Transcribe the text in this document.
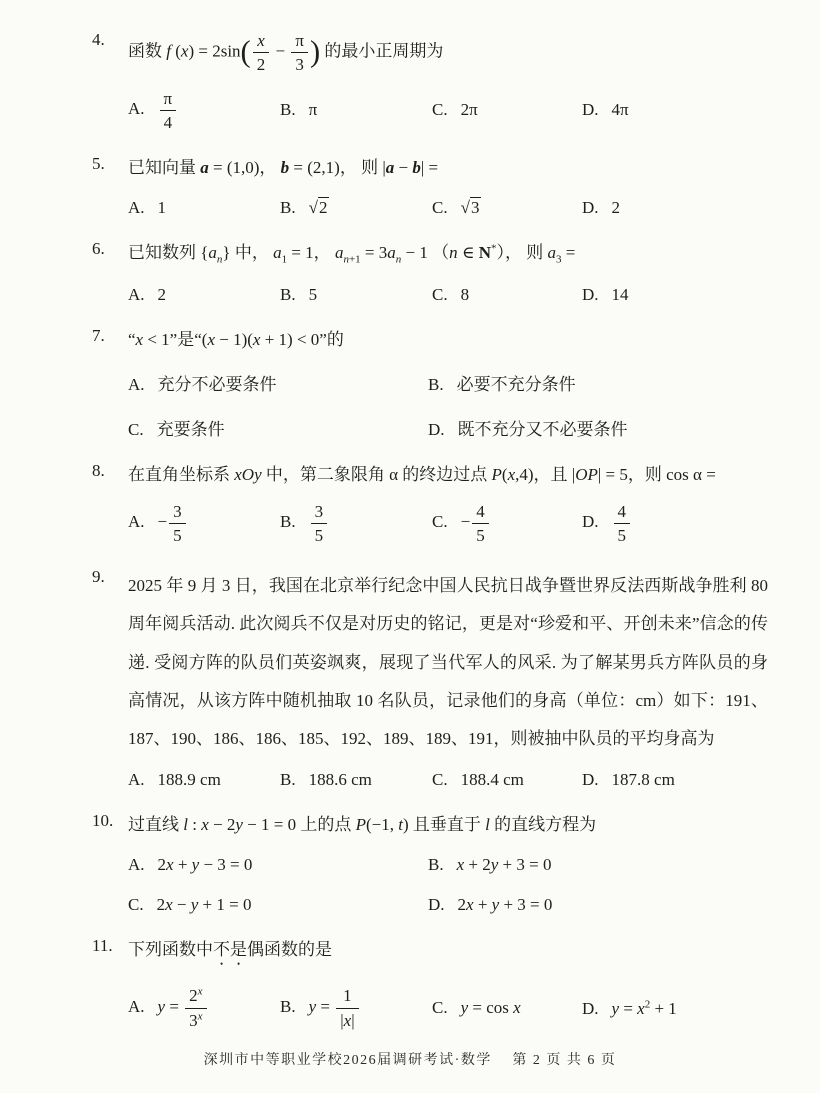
4.
函数 f $(x) = 2\sin( \frac{x}{2} - \frac{\pi}{3}$ ) 的最小正周期为
A. $\frac{\pi}{4}$	B. π	C. 2π	D. 4π
5. 已知向量 a = (1,0)， b = (2,1)， 则 |a − b| =
A. 1	B. √2	C. √3	D. 2
6. 已知数列 $\{a_n\}$ 中， $a_1 = 1$， $a_{n+1} = 3a_n - 1$ （n ∈ N*）， 则 $a_3$ =
A. 2	B. 5	C. 8	D. 14
7. “x < 1”是“(x − 1)(x + 1) < 0”的
A. 充分不必要条件	B. 必要不充分条件
C. 充要条件	D. 既不充分又不必要条件
8. 在直角坐标系 xOy 中，第二象限角 α 的终边过点 P(x,4)，且 |OP| = 5，则 cos α =
A. − $\frac{3}{5}$	B. $\frac{3}{5}$	C. − $\frac{4}{5}$	D. $\frac{4}{5}$
9. 2025 年 9 月 3 日，我国在北京举行纪念中国人民抗日战争暨世界反法西斯战争胜利 80 周年阅兵活动. 此次阅兵不仅是对历史的铭记，更是对“珍爱和平、开创未来”信念的传递. 受阅方阵的队员们英姿飒爽，展现了当代军人的风采. 为了解某男兵方阵队员的身高情况，从该方阵中随机抽取 10 名队员，记录他们的身高（单位：cm）如下：191、187、190、186、186、185、192、189、189、191，则被抽中队员的平均身高为
A. 188.9 cm	B. 188.6 cm	C. 188.4 cm	D. 187.8 cm
10. 过直线 l : x − 2y − 1 = 0 上的点 P(−1, t) 且垂直于 l 的直线方程为
A. 2x + y − 3 = 0	B. x + 2y + 3 = 0
C. 2x − y + 1 = 0	D. 2x + y + 3 = 0
11. 下列函数中不是偶函数的是
A. $y = \frac{2^x}{3^x}$	B. $y = \frac{1}{|x|}$	C. y = cos x	D. $y = x^2 + 1$
深圳市中等职业学校2026届调研考试·数学　 第 2 页 共 6 页
